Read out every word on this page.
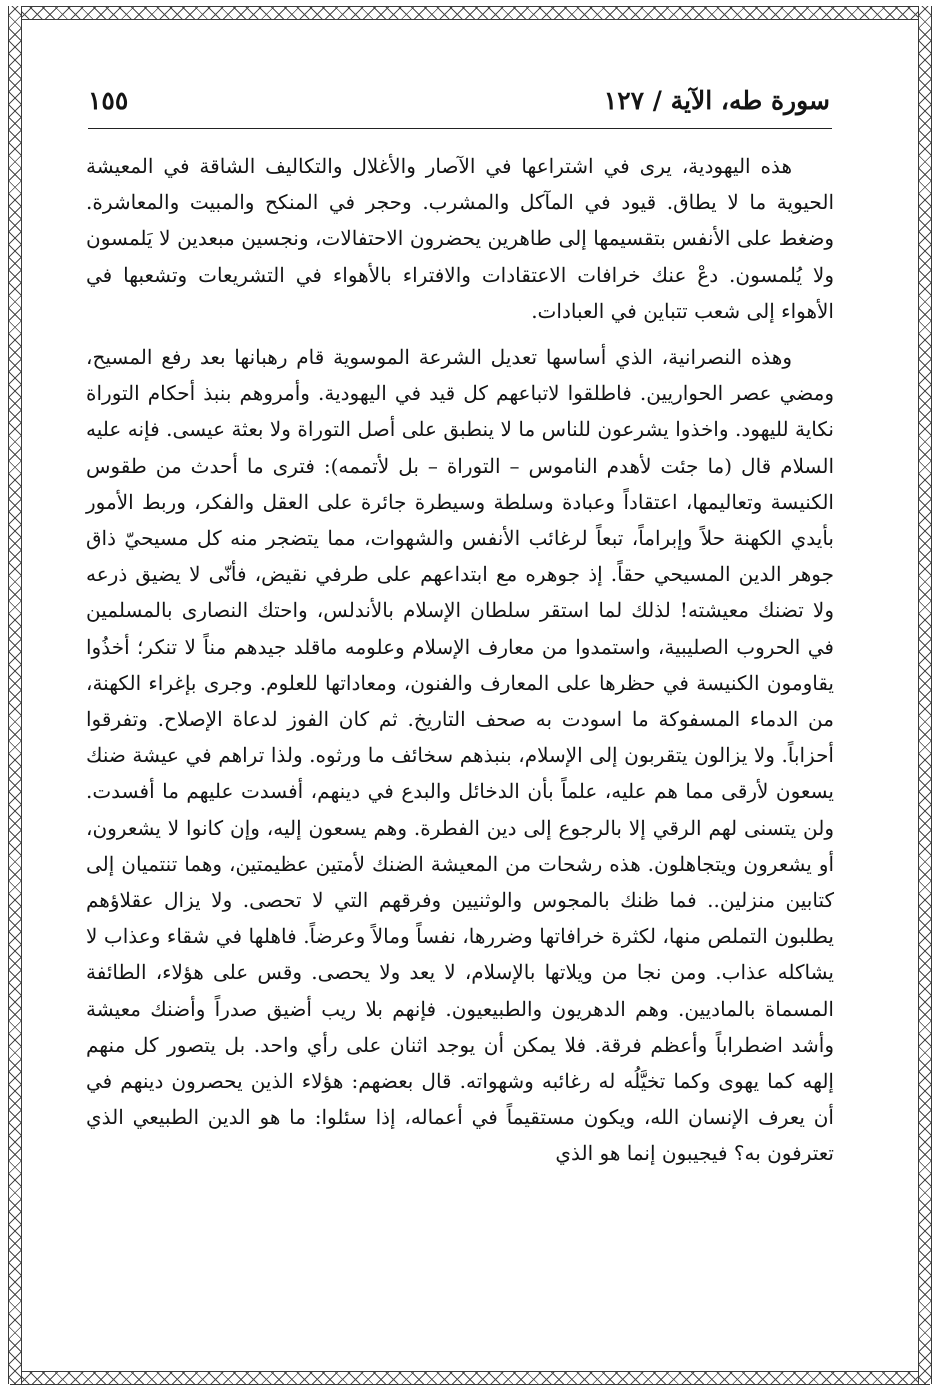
سورة طه، الآية / ١٢٧
١٥٥

هذه اليهودية، يرى في اشتراعها في الآصار والأغلال والتكاليف الشاقة في المعيشة الحيوية ما لا يطاق. قيود في المآكل والمشرب. وحجر في المنكح والمبيت والمعاشرة. وضغط على الأنفس بتقسيمها إلى طاهرين يحضرون الاحتفالات، ونجسين مبعدين لا يَلمسون ولا يُلمسون. دعْ عنك خرافات الاعتقادات والافتراء بالأهواء في التشريعات وتشعبها في الأهواء إلى شعب تتباين في العبادات.

وهذه النصرانية، الذي أساسها تعديل الشرعة الموسوية قام رهبانها بعد رفع المسيح، ومضي عصر الحواريين. فاطلقوا لاتباعهم كل قيد في اليهودية. وأمروهم بنبذ أحكام التوراة نكاية لليهود. واخذوا يشرعون للناس ما لا ينطبق على أصل التوراة ولا بعثة عيسى. فإنه عليه السلام قال (ما جئت لأهدم الناموس – التوراة – بل لأتممه): فترى ما أحدث من طقوس الكنيسة وتعاليمها، اعتقاداً وعبادة وسلطة وسيطرة جائرة على العقل والفكر، وربط الأمور بأيدي الكهنة حلاً وإبراماً، تبعاً لرغائب الأنفس والشهوات، مما يتضجر منه كل مسيحيّ ذاق جوهر الدين المسيحي حقاً. إذ جوهره مع ابتداعهم على طرفي نقيض، فأنّى لا يضيق ذرعه ولا تضنك معيشته! لذلك لما استقر سلطان الإسلام بالأندلس، واحتك النصارى بالمسلمين في الحروب الصليبية، واستمدوا من معارف الإسلام وعلومه ماقلد جيدهم مناً لا تنكر؛ أخذُوا يقاومون الكنيسة في حظرها على المعارف والفنون، ومعاداتها للعلوم. وجرى بإغراء الكهنة، من الدماء المسفوكة ما اسودت به صحف التاريخ. ثم كان الفوز لدعاة الإصلاح. وتفرقوا أحزاباً. ولا يزالون يتقربون إلى الإسلام، بنبذهم سخائف ما ورثوه. ولذا تراهم في عيشة ضنك يسعون لأرقى مما هم عليه، علماً بأن الدخائل والبدع في دينهم، أفسدت عليهم ما أفسدت. ولن يتسنى لهم الرقي إلا بالرجوع إلى دين الفطرة. وهم يسعون إليه، وإن كانوا لا يشعرون، أو يشعرون ويتجاهلون. هذه رشحات من المعيشة الضنك لأمتين عظيمتين، وهما تنتميان إلى كتابين منزلين.. فما ظنك بالمجوس والوثنيين وفرقهم التي لا تحصى. ولا يزال عقلاؤهم يطلبون التملص منها، لكثرة خرافاتها وضررها، نفساً ومالاً وعرضاً. فاهلها في شقاء وعذاب لا يشاكله عذاب. ومن نجا من ويلاتها بالإسلام، لا يعد ولا يحصى. وقس على هؤلاء، الطائفة المسماة بالماديين. وهم الدهريون والطبيعيون. فإنهم بلا ريب أضيق صدراً وأضنك معيشة وأشد اضطراباً وأعظم فرقة. فلا يمكن أن يوجد اثنان على رأي واحد. بل يتصور كل منهم إلهه كما يهوى وكما تخيَّلُه له رغائبه وشهواته. قال بعضهم: هؤلاء الذين يحصرون دينهم في أن يعرف الإنسان الله، ويكون مستقيماً في أعماله، إذا سئلوا: ما هو الدين الطبيعي الذي تعترفون به؟ فيجيبون إنما هو الذي
